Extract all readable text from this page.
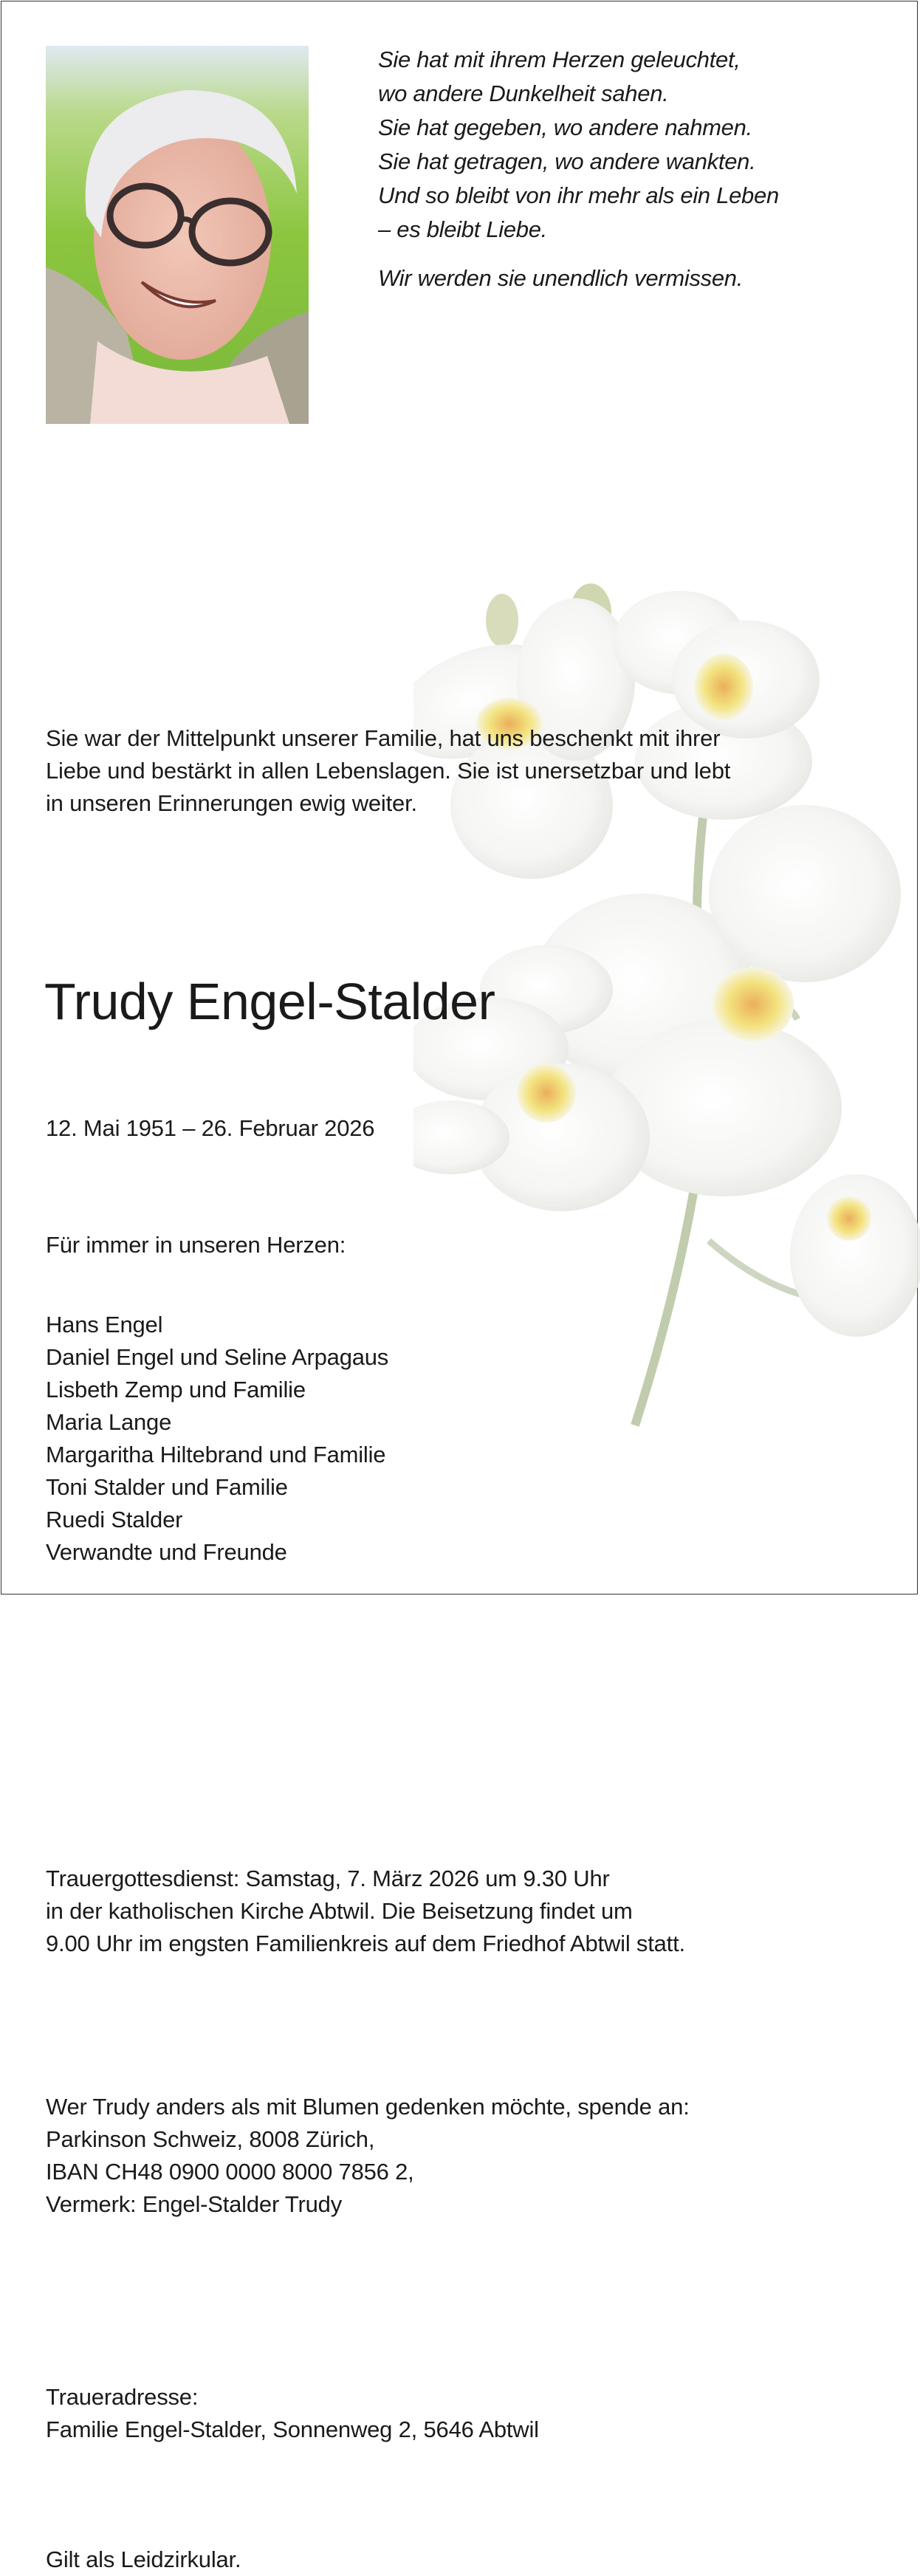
Sie hat mit ihrem Herzen geleuchtet,

wo andere Dunkelheit sahen.

Sie hat gegeben, wo andere nahmen.

Sie hat getragen, wo andere wankten.

Und so bleibt von ihr mehr als ein Leben

– es bleibt Liebe.

Wir werden sie unendlich vermissen.

Sie war der Mittelpunkt unserer Familie, hat uns beschenkt mit ihrer
Liebe und bestärkt in allen Lebenslagen. Sie ist unersetzbar und lebt
in unseren Erinnerungen ewig weiter.
Trudy Engel-Stalder
12. Mai 1951 – 26. Februar 2026
Für immer in unseren Herzen:
Hans Engel
Daniel Engel und Seline Arpagaus
Lisbeth Zemp und Familie
Maria Lange
Margaritha Hiltebrand und Familie
Toni Stalder und Familie
Ruedi Stalder
Verwandte und Freunde
Trauergottesdienst: Samstag, 7. März 2026 um 9.30 Uhr
in der katholischen Kirche Abtwil. Die Beisetzung findet um
9.00 Uhr im engsten Familienkreis auf dem Friedhof Abtwil statt.
Wer Trudy anders als mit Blumen gedenken möchte, spende an:
Parkinson Schweiz, 8008 Zürich,
IBAN CH48 0900 0000 8000 7856 2,
Vermerk: Engel-Stalder Trudy
Traueradresse:
Familie Engel-Stalder, Sonnenweg 2, 5646 Abtwil
Gilt als Leidzirkular.
